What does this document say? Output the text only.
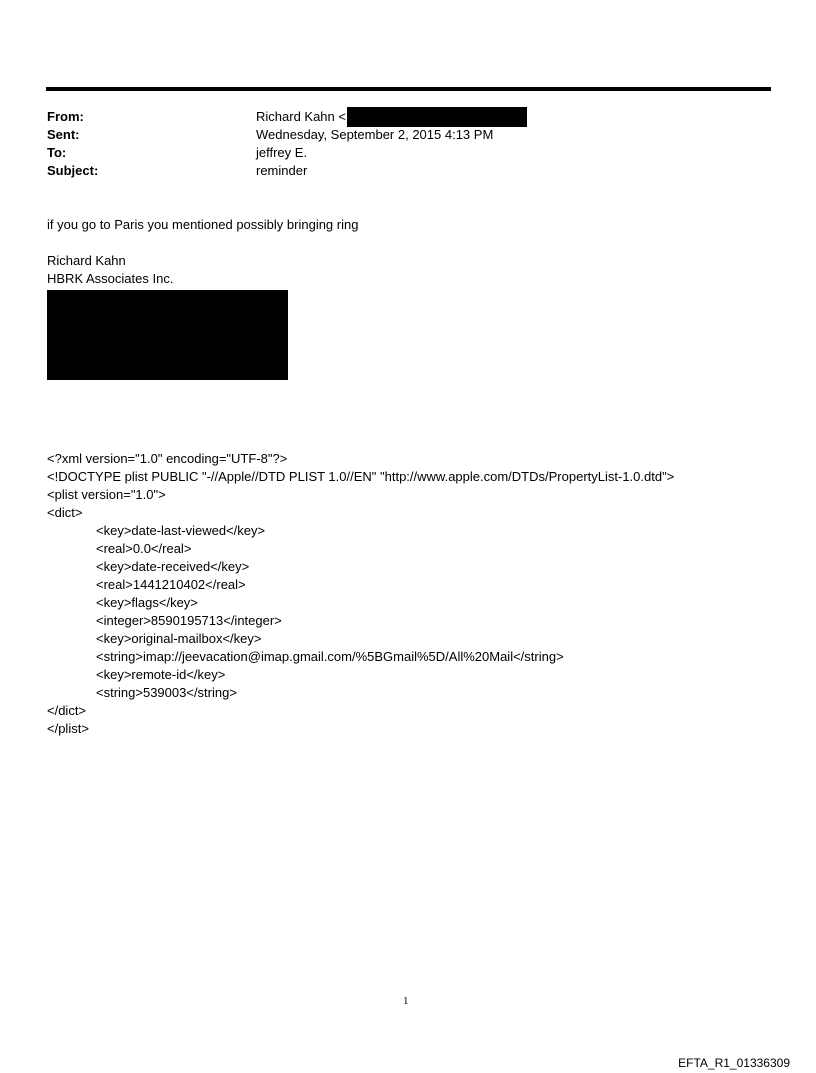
From:	Richard Kahn <
Sent:	Wednesday, September 2, 2015 4:13 PM
To:	jeffrey E.
Subject:	reminder
if you go to Paris you mentioned possibly bringing ring
Richard Kahn
HBRK Associates Inc.
<?xml version="1.0" encoding="UTF-8"?>
<!DOCTYPE plist PUBLIC "-//Apple//DTD PLIST 1.0//EN" "http://www.apple.com/DTDs/PropertyList-1.0.dtd">
<plist version="1.0">
<dict>
<key>date-last-viewed</key>
<real>0.0</real>
<key>date-received</key>
<real>1441210402</real>
<key>flags</key>
<integer>8590195713</integer>
<key>original-mailbox</key>
<string>imap://jeevacation@imap.gmail.com/%5BGmail%5D/All%20Mail</string>
<key>remote-id</key>
<string>539003</string>
</dict>
</plist>
1
EFTA_R1_01336309
